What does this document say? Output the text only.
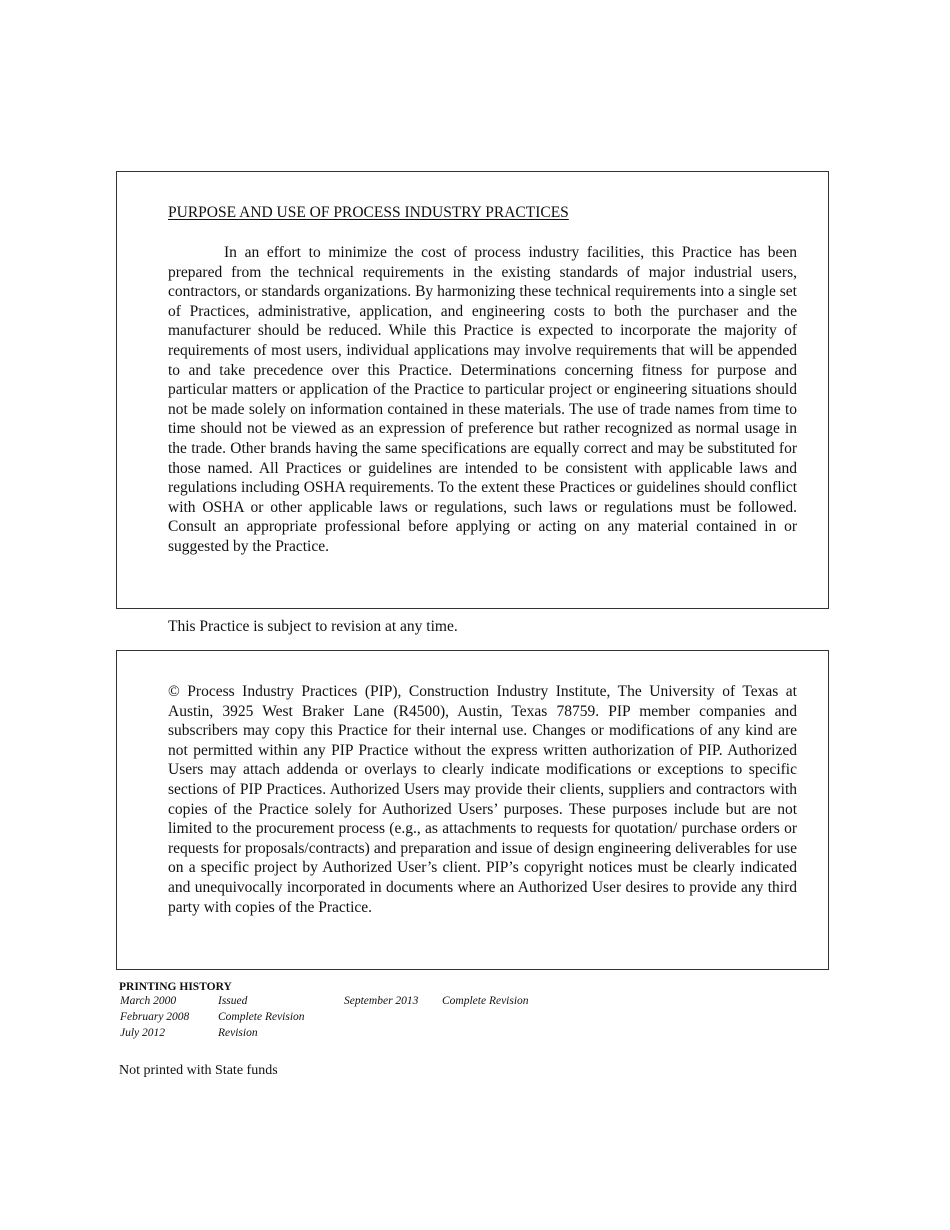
PURPOSE AND USE OF PROCESS INDUSTRY PRACTICES

In an effort to minimize the cost of process industry facilities, this Practice has been prepared from the technical requirements in the existing standards of major industrial users, contractors, or standards organizations. By harmonizing these technical requirements into a single set of Practices, administrative, application, and engineering costs to both the purchaser and the manufacturer should be reduced. While this Practice is expected to incorporate the majority of requirements of most users, individual applications may involve requirements that will be appended to and take precedence over this Practice. Determinations concerning fitness for purpose and particular matters or application of the Practice to particular project or engineering situations should not be made solely on information contained in these materials. The use of trade names from time to time should not be viewed as an expression of preference but rather recognized as normal usage in the trade. Other brands having the same specifications are equally correct and may be substituted for those named. All Practices or guidelines are intended to be consistent with applicable laws and regulations including OSHA requirements. To the extent these Practices or guidelines should conflict with OSHA or other applicable laws or regulations, such laws or regulations must be followed. Consult an appropriate professional before applying or acting on any material contained in or suggested by the Practice.

This Practice is subject to revision at any time.

© Process Industry Practices (PIP), Construction Industry Institute, The University of Texas at Austin, 3925 West Braker Lane (R4500), Austin, Texas 78759. PIP member companies and subscribers may copy this Practice for their internal use. Changes or modifications of any kind are not permitted within any PIP Practice without the express written authorization of PIP. Authorized Users may attach addenda or overlays to clearly indicate modifications or exceptions to specific sections of PIP Practices. Authorized Users may provide their clients, suppliers and contractors with copies of the Practice solely for Authorized Users’ purposes. These purposes include but are not limited to the procurement process (e.g., as attachments to requests for quotation/ purchase orders or requests for proposals/contracts) and preparation and issue of design engineering deliverables for use on a specific project by Authorized User’s client. PIP’s copyright notices must be clearly indicated and unequivocally incorporated in documents where an Authorized User desires to provide any third party with copies of the Practice.

PRINTING HISTORY

March 2000	Issued	September 2013 Complete Revision
February 2008 Complete Revision
July 2012	Revision

Not printed with State funds
